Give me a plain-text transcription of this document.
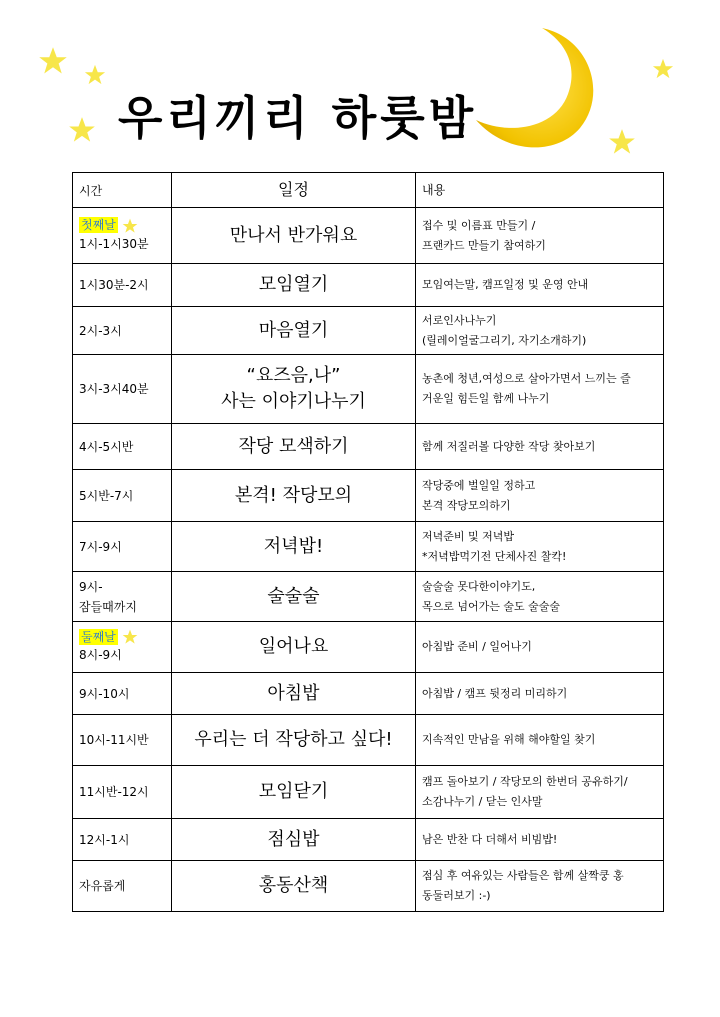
우리끼리 하룻밤
시간	일정	내용
첫째날
1시-1시30분	만나서 반가워요	접수 및 이름표 만들기 /
프랜카드 만들기 참여하기

1시30분-2시	모임열기	모임여는말, 캠프일정 및 운영 안내

2시-3시	마음열기	서로인사나누기
(릴레이얼굴그리기, 자기소개하기)

3시-3시40분	“요즈음,나”
사는 이야기나누기	농촌에 청년,여성으로 살아가면서 느끼는 즐
거운일 힘든일 함께 나누기

4시-5시반	작당 모색하기	함께 저질러볼 다양한 작당 찾아보기

5시반-7시	본격! 작당모의	작당중에 벌일일 정하고
본격 작당모의하기

7시-9시	저녁밥!	저녁준비 및 저녁밥
*저녁밥먹기전 단체사진 찰칵!

9시-
잠들때까지	술술술	술술술 못다한이야기도,
목으로 넘어가는 술도 술술술

둘째날
8시-9시	일어나요	아침밥 준비 / 일어나기

9시-10시	아침밥	아침밥 / 캠프 뒷정리 미리하기

10시-11시반	우리는 더 작당하고 싶다!	지속적인 만남을 위해 해야할일 찾기

11시반-12시	모임닫기	캠프 돌아보기 / 작당모의 한번더 공유하기/
소감나누기 / 닫는 인사말

12시-1시	점심밥	남은 반찬 다 더해서 비빔밥!

자유롭게	홍동산책	점심 후 여유있는 사람들은 함께 살짝쿵 홍
동둘러보기 :-)
